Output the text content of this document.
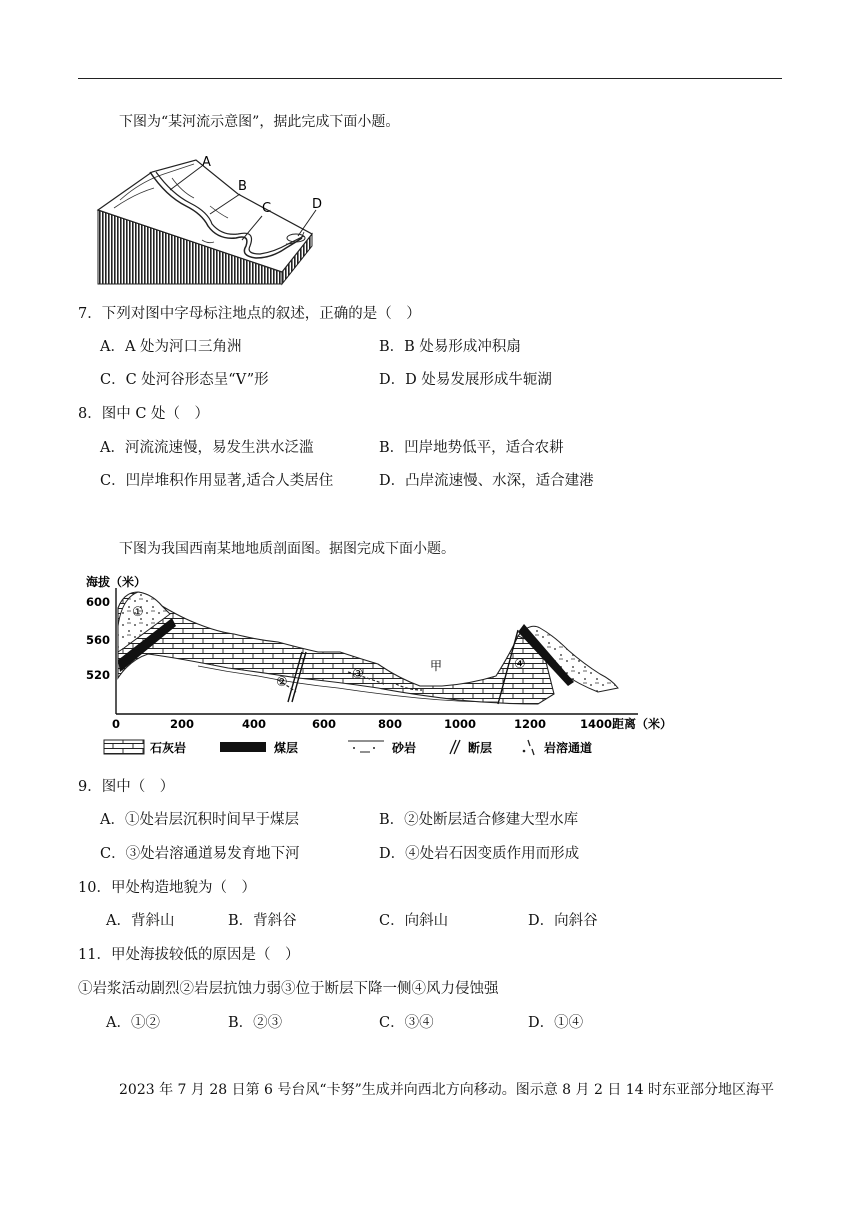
下图为“某河流示意图”，据此完成下面小题。
A
B
C	D
7．下列对图中字母标注地点的叙述，正确的是（　）
A．A 处为河口三角洲	B．B 处易形成冲积扇
C．C 处河谷形态呈“V”形	D．D 处易发展形成牛轭湖
8．图中 C 处（　）
A．河流流速慢，易发生洪水泛滥	B．凹岸地势低平，适合农耕
C．凹岸堆积作用显著,适合人类居住	D．凸岸流速慢、水深，适合建港
下图为我国西南某地地质剖面图。据图完成下面小题。
海拔（米）
600
560
520
0	200	400	600	800	1000	1200	1400 距离（米）
①
②
③
④
甲
石灰岩	煤层	砂岩	断层	岩溶通道
9．图中（　）
A．①处岩层沉积时间早于煤层	B．②处断层适合修建大型水库
C．③处岩溶通道易发育地下河	D．④处岩石因变质作用而形成
10．甲处构造地貌为（　）
A．背斜山	B．背斜谷	C．向斜山	D．向斜谷
11．甲处海拔较低的原因是（　）
①岩浆活动剧烈②岩层抗蚀力弱③位于断层下降一侧④风力侵蚀强
A．①②	B．②③	C．③④	D．①④
2023 年 7 月 28 日第 6 号台风“卡努”生成并向西北方向移动。图示意 8 月 2 日 14 时东亚部分地区海平
